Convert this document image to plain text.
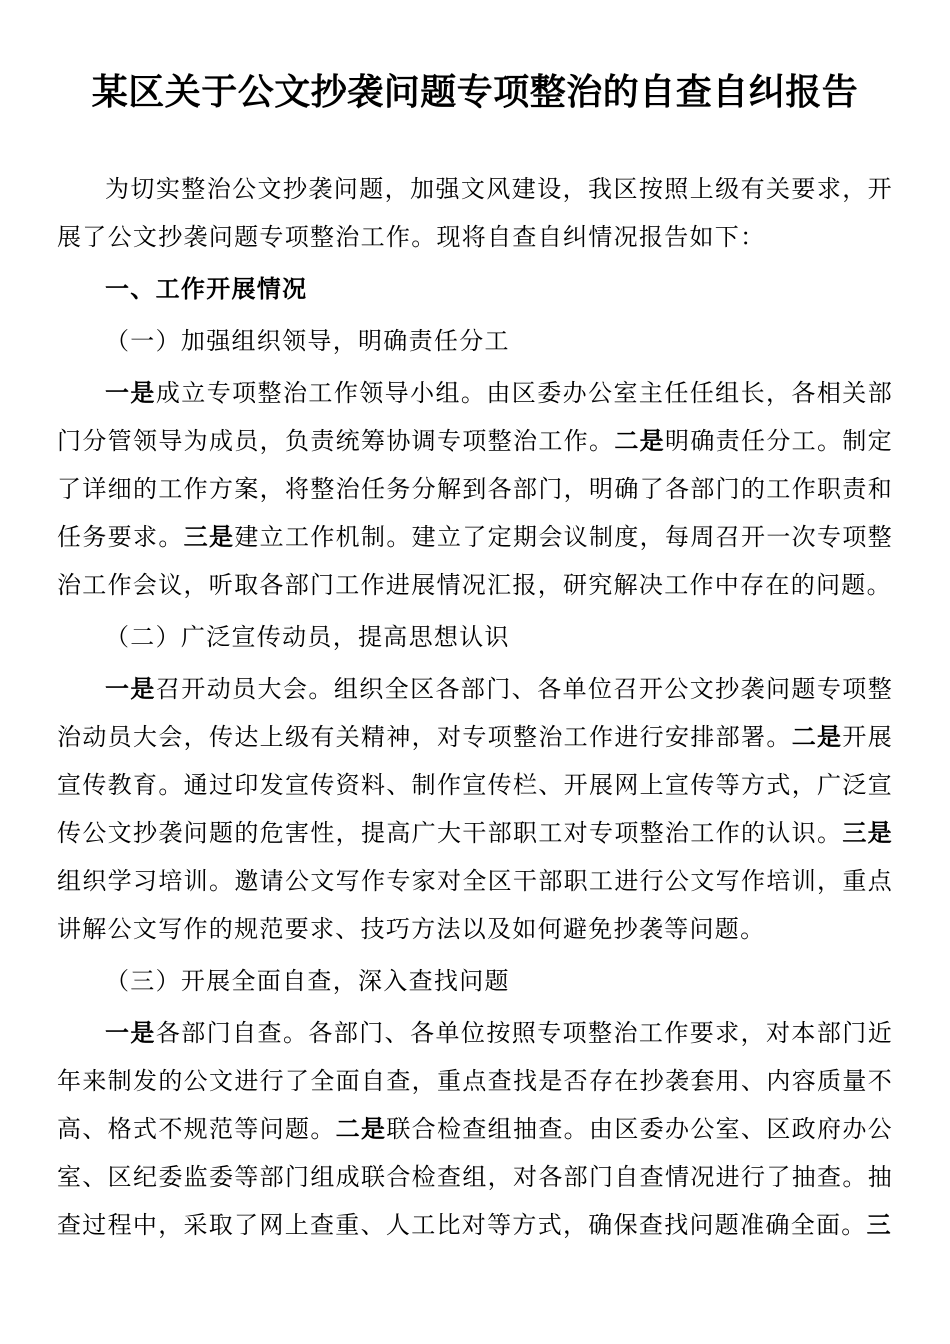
某区关于公文抄袭问题专项整治的自查自纠报告

为切实整治公文抄袭问题，加强文风建设，我区按照上级有关要求，开展了公文抄袭问题专项整治工作。现将自查自纠情况报告如下：

一、工作开展情况

（一）加强组织领导，明确责任分工

一是成立专项整治工作领导小组。由区委办公室主任任组长，各相关部门分管领导为成员，负责统筹协调专项整治工作。二是明确责任分工。制定了详细的工作方案，将整治任务分解到各部门，明确了各部门的工作职责和任务要求。三是建立工作机制。建立了定期会议制度，每周召开一次专项整治工作会议，听取各部门工作进展情况汇报，研究解决工作中存在的问题。

（二）广泛宣传动员，提高思想认识

一是召开动员大会。组织全区各部门、各单位召开公文抄袭问题专项整治动员大会，传达上级有关精神，对专项整治工作进行安排部署。二是开展宣传教育。通过印发宣传资料、制作宣传栏、开展网上宣传等方式，广泛宣传公文抄袭问题的危害性，提高广大干部职工对专项整治工作的认识。三是组织学习培训。邀请公文写作专家对全区干部职工进行公文写作培训，重点讲解公文写作的规范要求、技巧方法以及如何避免抄袭等问题。

（三）开展全面自查，深入查找问题

一是各部门自查。各部门、各单位按照专项整治工作要求，对本部门近年来制发的公文进行了全面自查，重点查找是否存在抄袭套用、内容质量不高、格式不规范等问题。二是联合检查组抽查。由区委办公室、区政府办公室、区纪委监委等部门组成联合检查组，对各部门自查情况进行了抽查。抽查过程中，采取了网上查重、人工比对等方式，确保查找问题准确全面。三
